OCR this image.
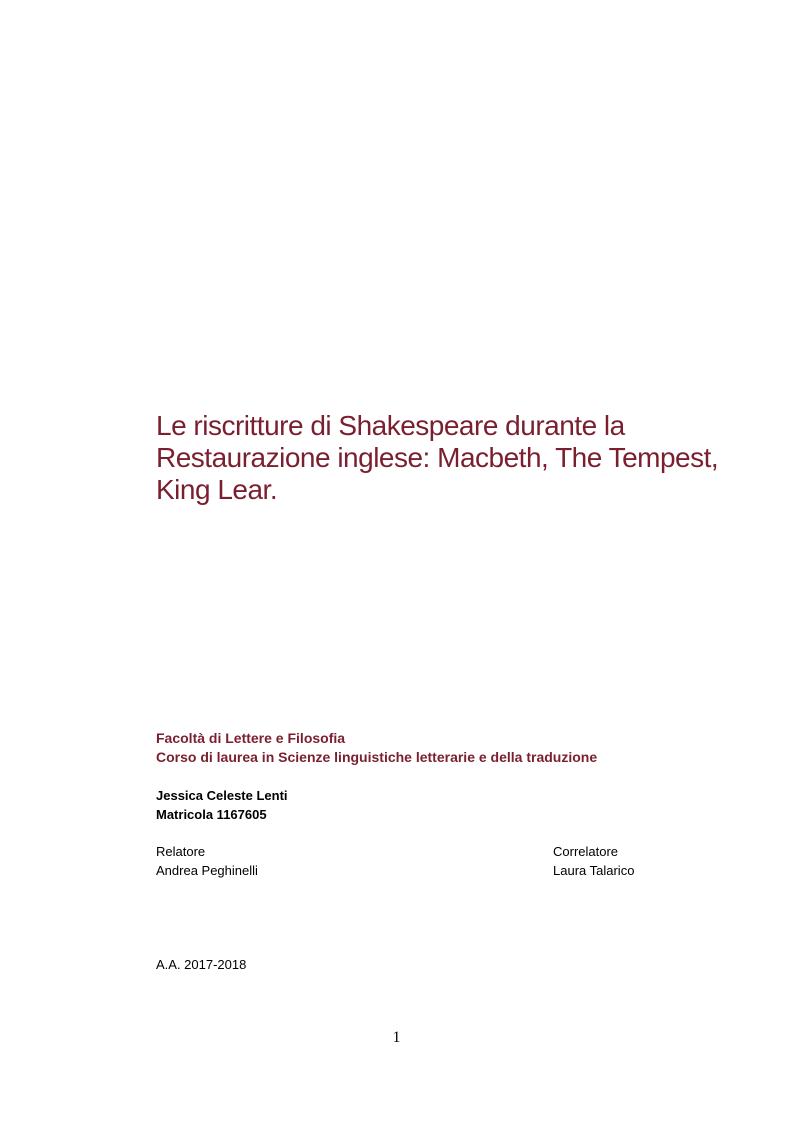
Le riscritture di Shakespeare durante la
Restaurazione inglese: Macbeth, The Tempest,
King Lear.
Facoltà di Lettere e Filosofia
Corso di laurea in Scienze linguistiche letterarie e della traduzione
Jessica Celeste Lenti
Matricola 1167605
Relatore
Andrea Peghinelli
Correlatore
Laura Talarico
A.A. 2017-2018
1
